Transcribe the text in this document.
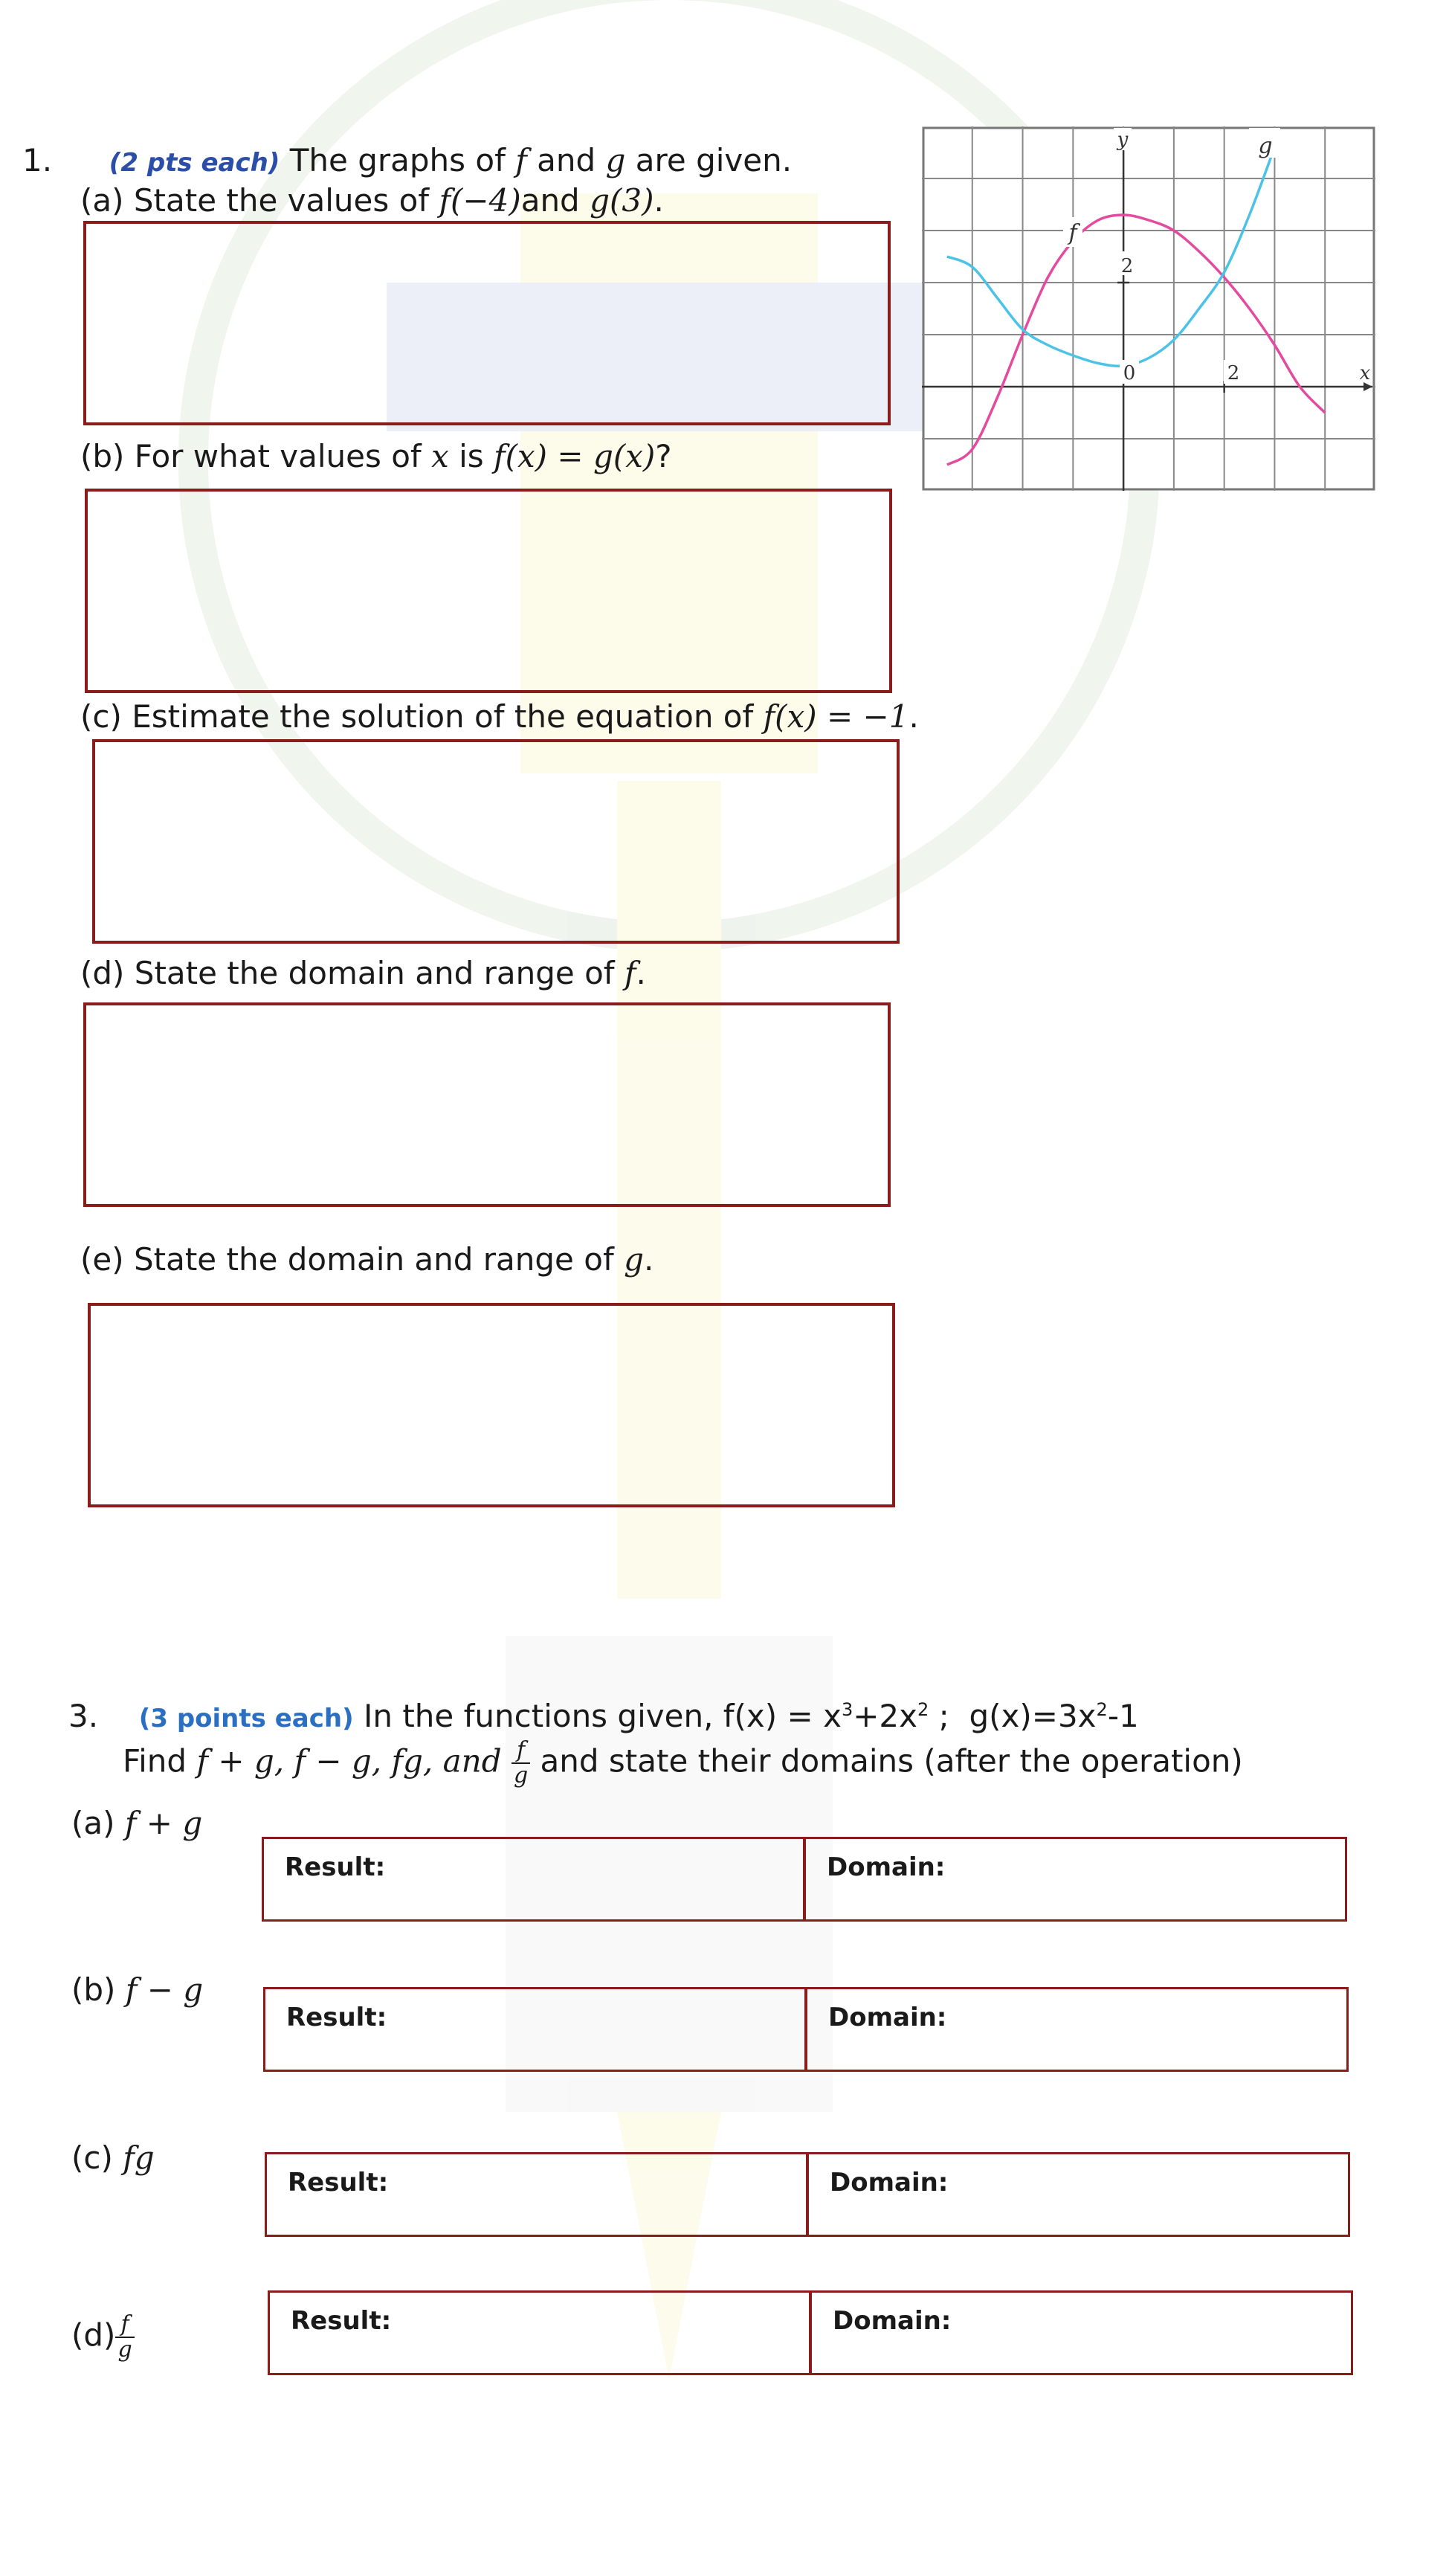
1. (2 pts each) The graphs of f and g are given.
(a) State the values of f(−4)and g(3).
(b) For what values of x is f(x) = g(x)?
(c) Estimate the solution of the equation of f(x) = −1.
(d) State the domain and range of f.
(e) State the domain and range of g.
g
f
y
x
2
0	2
3. (3 points each) In the functions given, $f(x) = x^3+2x^2$ ;  $g(x)=3x^2-1$
Find f + g, f − g, fg, and $\frac{f}{g}$ and state their domains (after the operation)
(a) f + g
Result:	Domain:
(b) f − g
Result:	Domain:
(c) fg
Result:	Domain:
$(d) \frac{f}{g}$	Result:	Domain:
